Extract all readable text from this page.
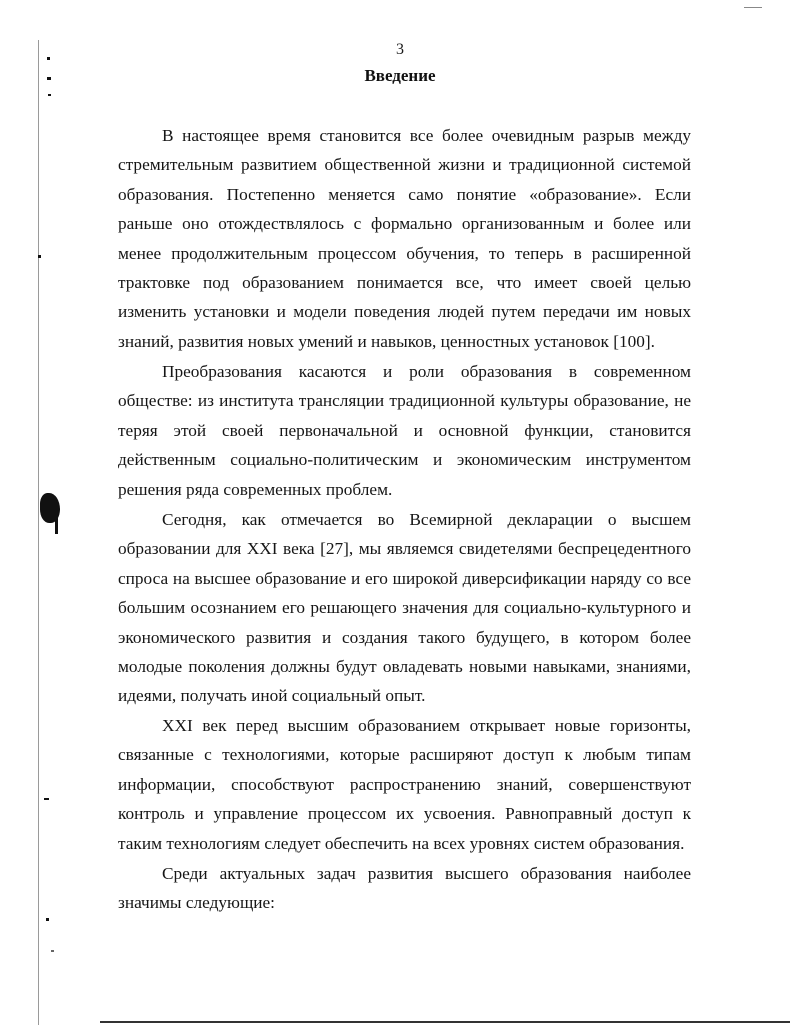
3
Введение

В настоящее время становится все более очевидным разрыв между стремительным развитием общественной жизни и традиционной системой образования. Постепенно меняется само понятие «образование». Если раньше оно отождествлялось с формально организованным и более или менее продолжительным процессом обучения, то теперь в расширенной трактовке под образованием понимается все, что имеет своей целью изменить установки и модели поведения людей путем передачи им новых знаний, развития новых умений и навыков, ценностных установок [100].

Преобразования касаются и роли образования в современном обществе: из института трансляции традиционной культуры образование, не теряя этой своей первоначальной и основной функции, становится действенным социально-политическим и экономическим инструментом решения ряда современных проблем.

Сегодня, как отмечается во Всемирной декларации о высшем образовании для XXI века [27], мы являемся свидетелями беспрецедентного спроса на высшее образование и его широкой диверсификации наряду со все большим осознанием его решающего значения для социально-культурного и экономического развития и создания такого будущего, в котором более молодые поколения должны будут овладевать новыми навыками, знаниями, идеями, получать иной социальный опыт.

XXI век перед высшим образованием открывает новые горизонты, связанные с технологиями, которые расширяют доступ к любым типам информации, способствуют распространению знаний, совершенствуют контроль и управление процессом их усвоения. Равноправный доступ к таким технологиям следует обеспечить на всех уровнях систем образования.

Среди актуальных задач развития высшего образования наиболее значимы следующие:
